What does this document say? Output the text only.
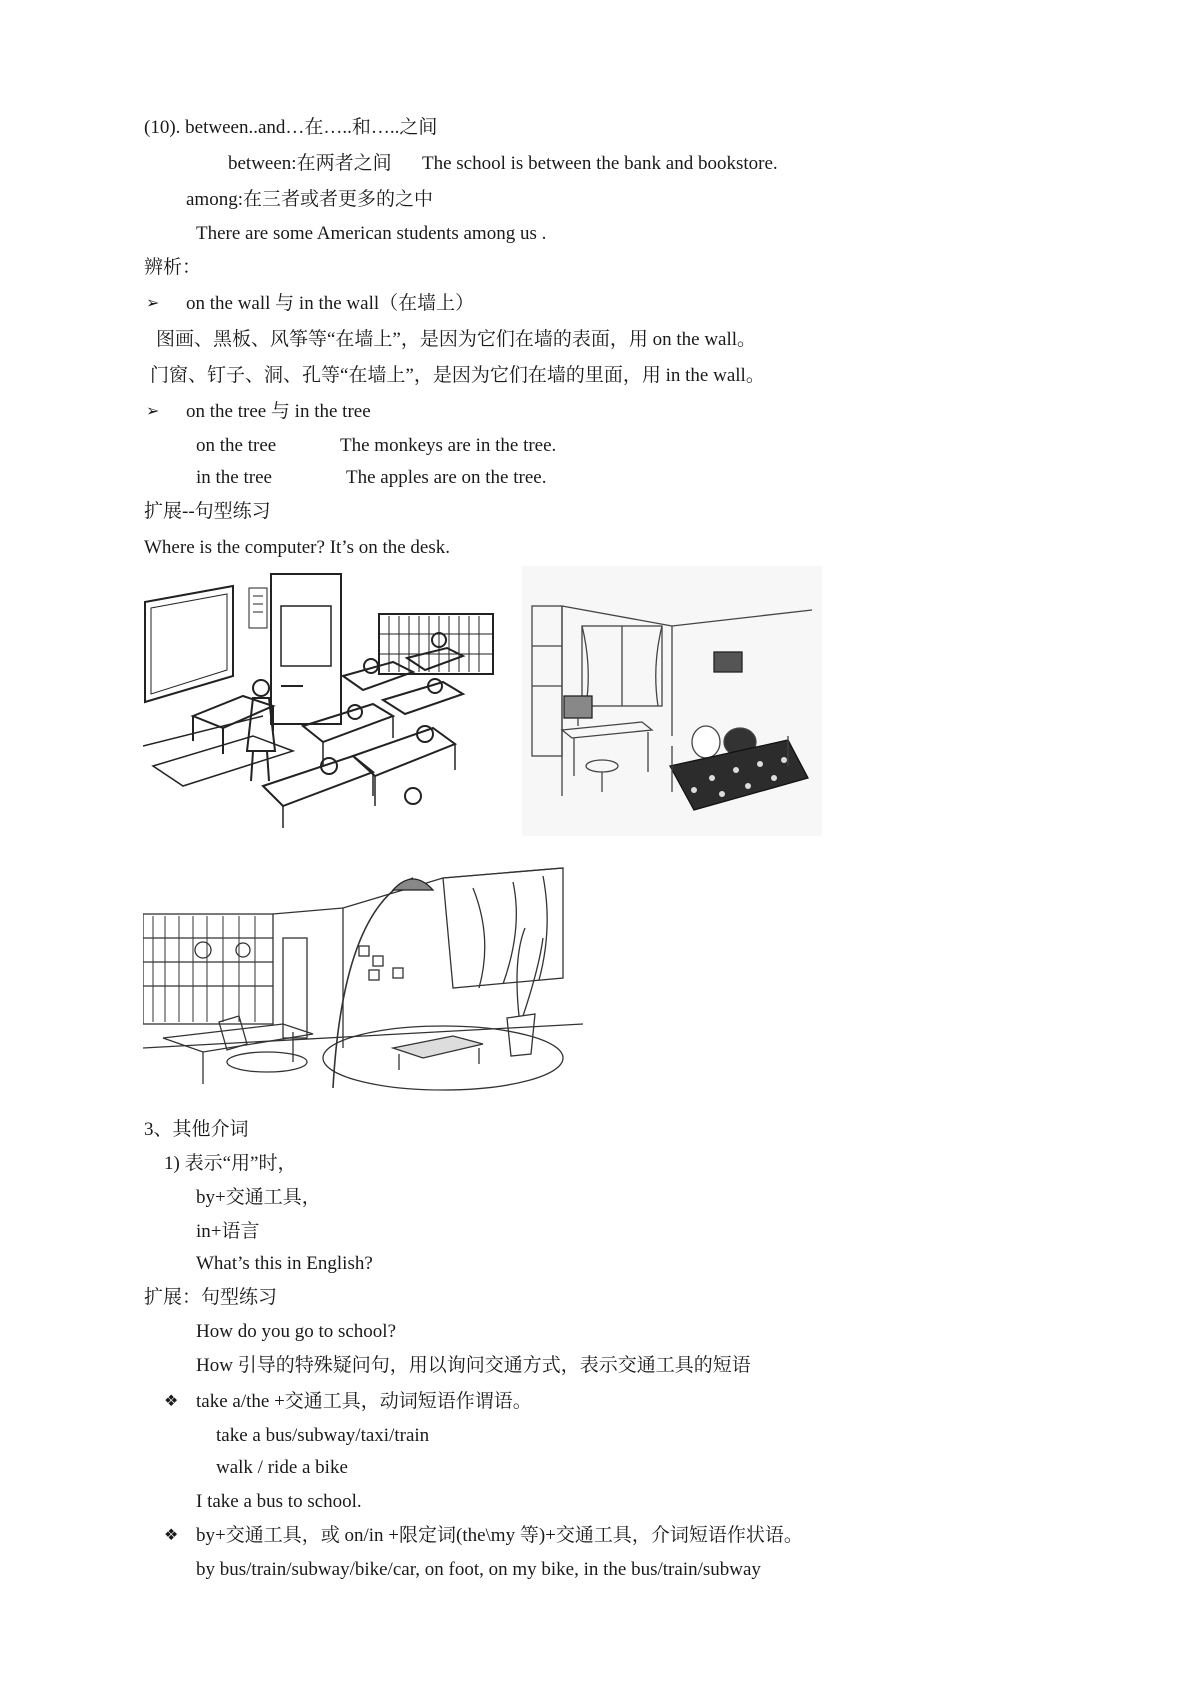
(10). between..and…在…..和…..之间
between:在两者之间 The school is between the bank and bookstore.
among:在三者或者更多的之中
There are some American students among us .
辨析：
➢ on the wall 与 in the wall（在墙上）
图画、黑板、风筝等“在墙上”，是因为它们在墙的表面，用 on the wall。
门窗、钉子、洞、孔等“在墙上”，是因为它们在墙的里面，用 in the wall。
➢ on the tree 与 in the tree
on the tree	The monkeys are in the tree.
in the tree	The apples are on the tree.
扩展--句型练习
Where is the computer? It’s on the desk.
3、其他介词
1) 表示“用”时，
by+交通工具，
in+语言
What’s this in English?
扩展：句型练习
How do you go to school?
How 引导的特殊疑问句，用以询问交通方式，表示交通工具的短语
❖ take a/the +交通工具，动词短语作谓语。
take a bus/subway/taxi/train
walk / ride a bike
I take a bus to school.
❖ by+交通工具，或 on/in +限定词(the\my 等)+交通工具，介词短语作状语。
by bus/train/subway/bike/car, on foot, on my bike, in the bus/train/subway
